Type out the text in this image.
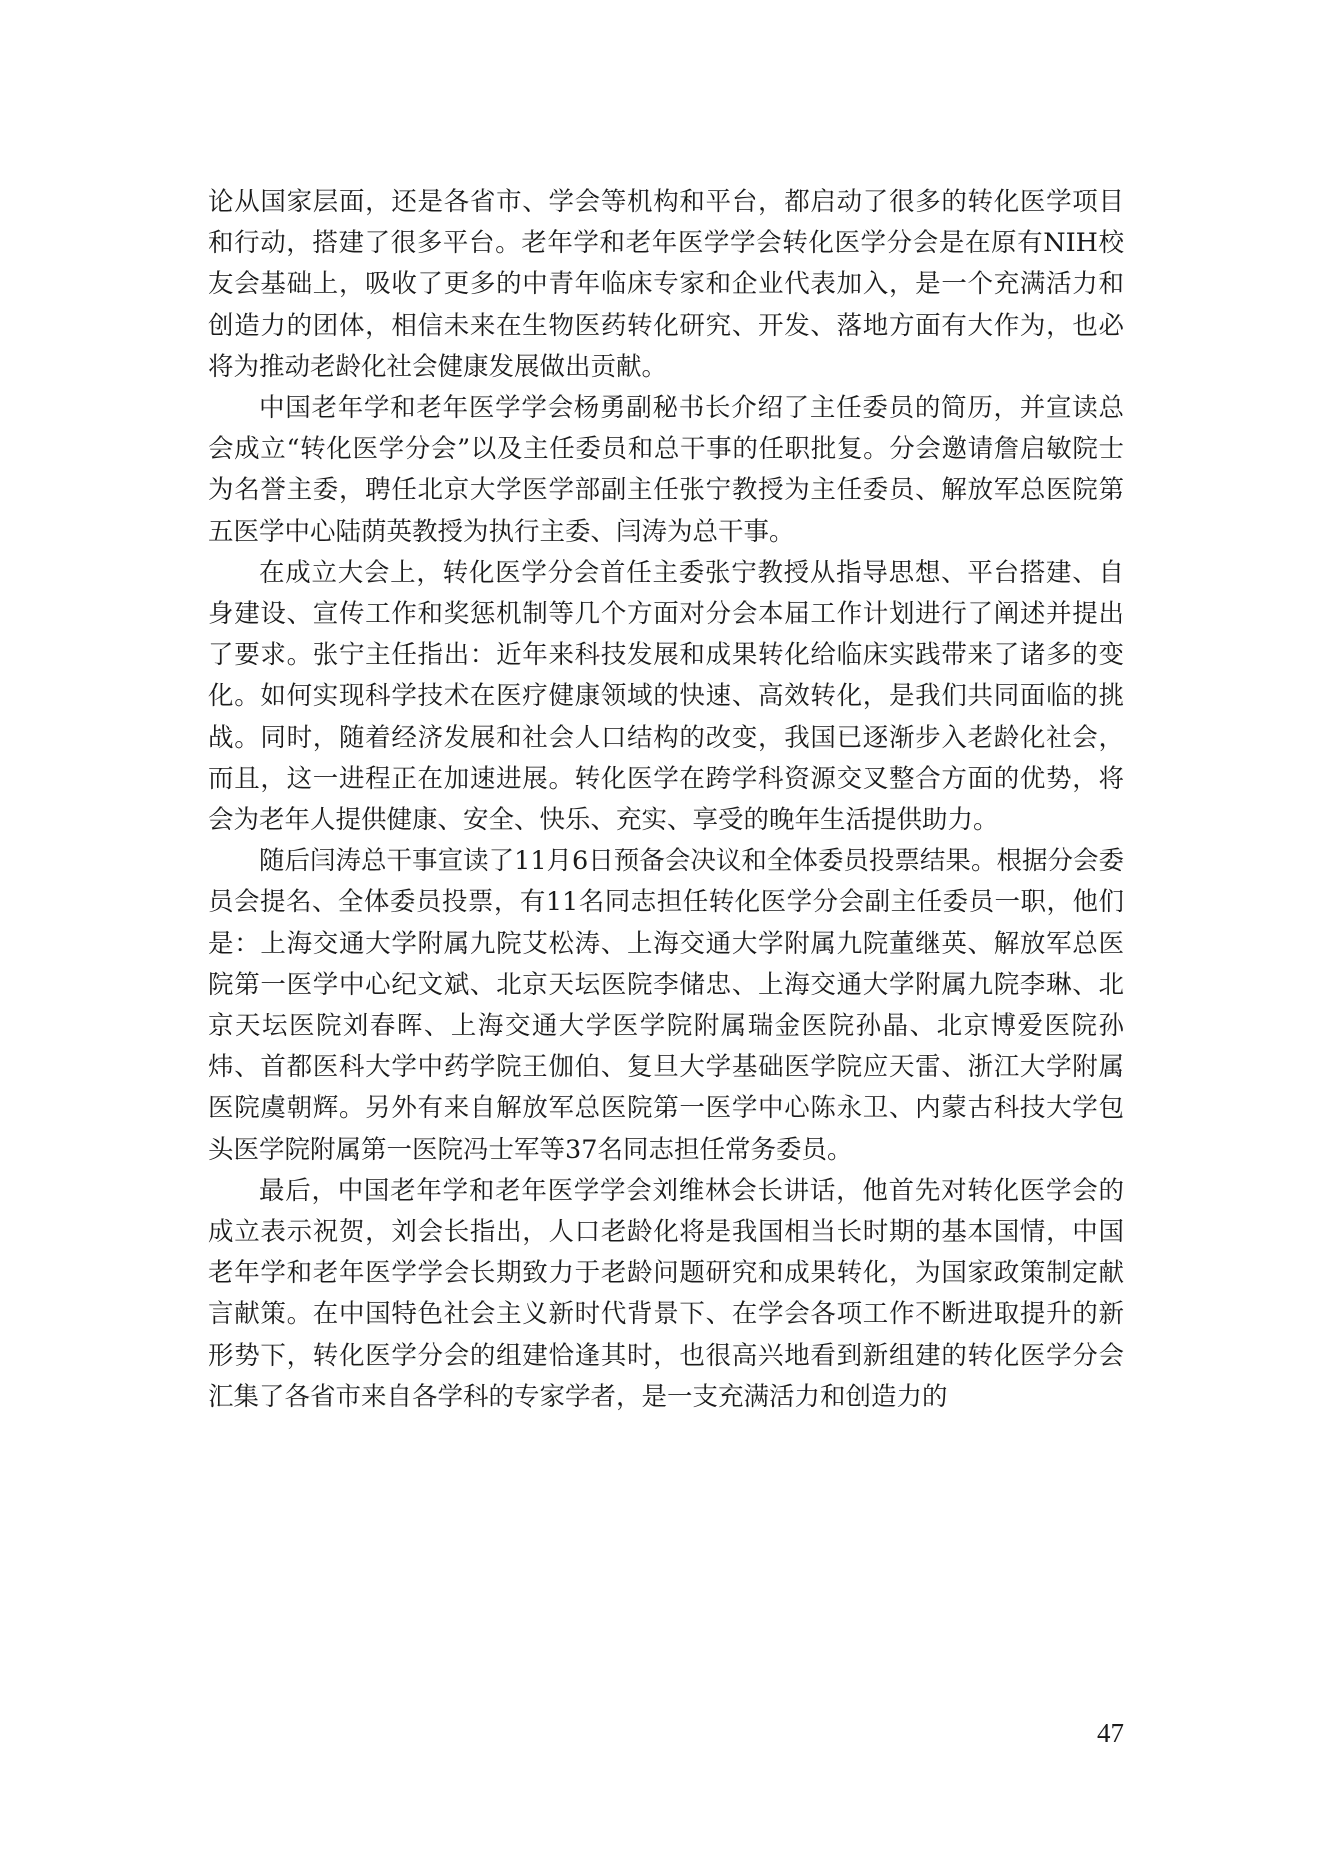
论从国家层面，还是各省市、学会等机构和平台，都启动了很多的转化医学项目和行动，搭建了很多平台。老年学和老年医学学会转化医学分会是在原有NIH校友会基础上，吸收了更多的中青年临床专家和企业代表加入，是一个充满活力和创造力的团体，相信未来在生物医药转化研究、开发、落地方面有大作为，也必将为推动老龄化社会健康发展做出贡献。

中国老年学和老年医学学会杨勇副秘书长介绍了主任委员的简历，并宣读总会成立“转化医学分会”以及主任委员和总干事的任职批复。分会邀请詹启敏院士为名誉主委，聘任北京大学医学部副主任张宁教授为主任委员、解放军总医院第五医学中心陆荫英教授为执行主委、闫涛为总干事。

在成立大会上，转化医学分会首任主委张宁教授从指导思想、平台搭建、自身建设、宣传工作和奖惩机制等几个方面对分会本届工作计划进行了阐述并提出了要求。张宁主任指出：近年来科技发展和成果转化给临床实践带来了诸多的变化。如何实现科学技术在医疗健康领域的快速、高效转化，是我们共同面临的挑战。同时，随着经济发展和社会人口结构的改变，我国已逐渐步入老龄化社会，而且，这一进程正在加速进展。转化医学在跨学科资源交叉整合方面的优势，将会为老年人提供健康、安全、快乐、充实、享受的晚年生活提供助力。

随后闫涛总干事宣读了11月6日预备会决议和全体委员投票结果。根据分会委员会提名、全体委员投票，有11名同志担任转化医学分会副主任委员一职，他们是：上海交通大学附属九院艾松涛、上海交通大学附属九院董继英、解放军总医院第一医学中心纪文斌、北京天坛医院李储忠、上海交通大学附属九院李琳、北京天坛医院刘春晖、上海交通大学医学院附属瑞金医院孙晶、北京博爱医院孙炜、首都医科大学中药学院王伽伯、复旦大学基础医学院应天雷、浙江大学附属医院虞朝辉。另外有来自解放军总医院第一医学中心陈永卫、内蒙古科技大学包头医学院附属第一医院冯士军等37名同志担任常务委员。

最后，中国老年学和老年医学学会刘维林会长讲话，他首先对转化医学会的成立表示祝贺，刘会长指出，人口老龄化将是我国相当长时期的基本国情，中国老年学和老年医学学会长期致力于老龄问题研究和成果转化，为国家政策制定献言献策。在中国特色社会主义新时代背景下、在学会各项工作不断进取提升的新形势下，转化医学分会的组建恰逢其时，也很高兴地看到新组建的转化医学分会汇集了各省市来自各学科的专家学者，是一支充满活力和创造力的

47
